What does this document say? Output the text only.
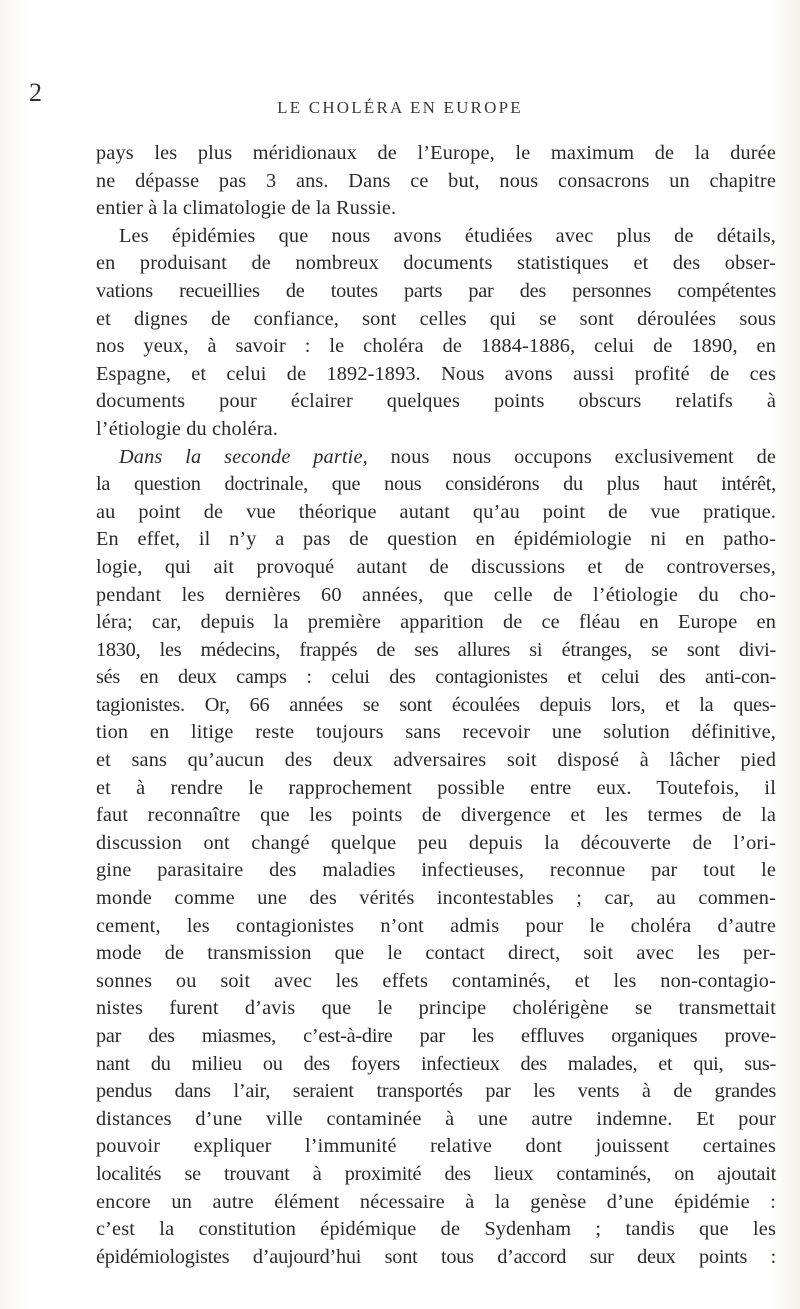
2
LE CHOLÉRA EN EUROPE
pays les plus méridionaux de l’Europe, le maximum de la durée
ne dépasse pas 3 ans. Dans ce but, nous consacrons un chapitre
entier à la climatologie de la Russie.
Les épidémies que nous avons étudiées avec plus de détails,
en produisant de nombreux documents statistiques et des obser-
vations recueillies de toutes parts par des personnes compétentes
et dignes de confiance, sont celles qui se sont déroulées sous
nos yeux, à savoir : le choléra de 1884-1886, celui de 1890, en
Espagne, et celui de 1892-1893. Nous avons aussi profité de ces
documents pour éclairer quelques points obscurs relatifs à
l’étiologie du choléra.
Dans la seconde partie, nous nous occupons exclusivement de
la question doctrinale, que nous considérons du plus haut intérêt,
au point de vue théorique autant qu’au point de vue pratique.
En effet, il n’y a pas de question en épidémiologie ni en patho-
logie, qui ait provoqué autant de discussions et de controverses,
pendant les dernières 60 années, que celle de l’étiologie du cho-
léra; car, depuis la première apparition de ce fléau en Europe en
1830, les médecins, frappés de ses allures si étranges, se sont divi-
sés en deux camps : celui des contagionistes et celui des anti-con-
tagionistes. Or, 66 années se sont écoulées depuis lors, et la ques-
tion en litige reste toujours sans recevoir une solution définitive,
et sans qu’aucun des deux adversaires soit disposé à lâcher pied
et à rendre le rapprochement possible entre eux. Toutefois, il
faut reconnaître que les points de divergence et les termes de la
discussion ont changé quelque peu depuis la découverte de l’ori-
gine parasitaire des maladies infectieuses, reconnue par tout le
monde comme une des vérités incontestables ; car, au commen-
cement, les contagionistes n’ont admis pour le choléra d’autre
mode de transmission que le contact direct, soit avec les per-
sonnes ou soit avec les effets contaminés, et les non-contagio-
nistes furent d’avis que le principe cholérigène se transmettait
par des miasmes, c’est-à-dire par les effluves organiques prove-
nant du milieu ou des foyers infectieux des malades, et qui, sus-
pendus dans l’air, seraient transportés par les vents à de grandes
distances d’une ville contaminée à une autre indemne. Et pour
pouvoir expliquer l’immunité relative dont jouissent certaines
localités se trouvant à proximité des lieux contaminés, on ajoutait
encore un autre élément nécessaire à la genèse d’une épidémie :
c’est la constitution épidémique de Sydenham ; tandis que les
épidémiologistes d’aujourd’hui sont tous d’accord sur deux points :
